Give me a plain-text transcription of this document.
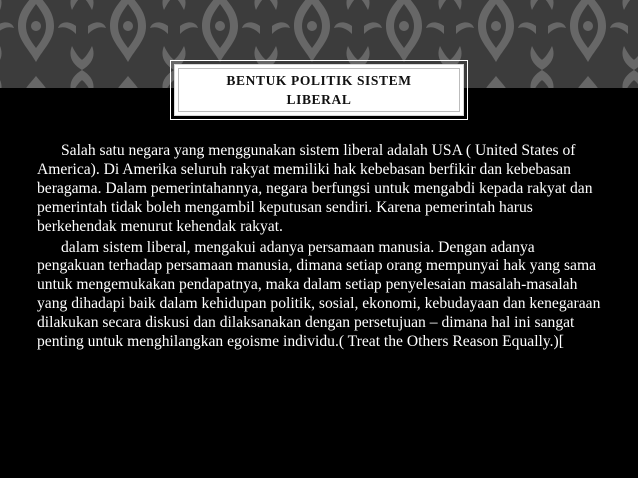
BENTUK POLITIK SISTEM
LIBERAL

Salah satu negara yang menggunakan sistem liberal adalah USA ( United States of America). Di Amerika seluruh rakyat memiliki hak kebebasan berfikir dan kebebasan beragama. Dalam pemerintahannya, negara berfungsi untuk mengabdi kepada rakyat dan pemerintah tidak boleh mengambil keputusan sendiri. Karena pemerintah harus berkehendak menurut kehendak rakyat.

dalam sistem liberal, mengakui adanya persamaan manusia. Dengan adanya pengakuan terhadap persamaan manusia, dimana setiap orang mempunyai hak yang sama untuk mengemukakan pendapatnya, maka dalam setiap penyelesaian masalah-masalah yang dihadapi baik dalam kehidupan politik, sosial, ekonomi, kebudayaan dan kenegaraan dilakukan secara diskusi dan dilaksanakan dengan persetujuan – dimana hal ini sangat penting untuk menghilangkan egoisme individu.( Treat the Others Reason Equally.)[
